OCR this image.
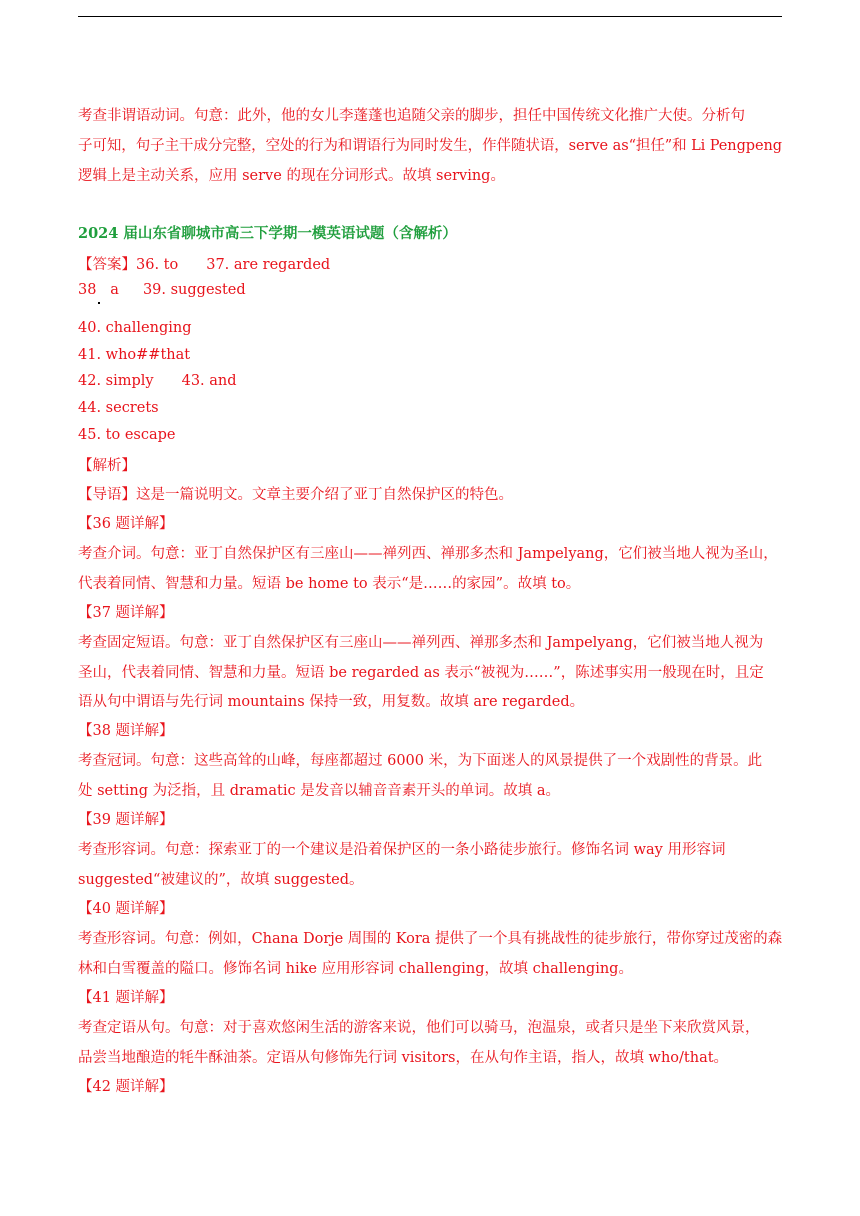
考查非谓语动词。句意：此外，他的女儿李蓬蓬也追随父亲的脚步，担任中国传统文化推广大使。分析句
子可知，句子主干成分完整，空处的行为和谓语行为同时发生，作伴随状语，serve as“担任”和 Li Pengpeng
逻辑上是主动关系，应用 serve 的现在分词形式。故填 serving。
2024 届山东省聊城市高三下学期一模英语试题（含解析）
【答案】36. to 37. are regarded
38   a 39. suggested
40. challenging
41. who##that
42. simply 43. and
44. secrets
45. to escape
【解析】
【导语】这是一篇说明文。文章主要介绍了亚丁自然保护区的特色。
【36 题详解】
考查介词。句意：亚丁自然保护区有三座山——禅列西、禅那多杰和 Jampelyang，它们被当地人视为圣山，
代表着同情、智慧和力量。短语 be home to 表示“是……的家园”。故填 to。
【37 题详解】
考查固定短语。句意：亚丁自然保护区有三座山——禅列西、禅那多杰和 Jampelyang，它们被当地人视为
圣山，代表着同情、智慧和力量。短语 be regarded as 表示“被视为……”，陈述事实用一般现在时，且定
语从句中谓语与先行词 mountains 保持一致，用复数。故填 are regarded。
【38 题详解】
考查冠词。句意：这些高耸的山峰，每座都超过 6000 米，为下面迷人的风景提供了一个戏剧性的背景。此
处 setting 为泛指，且 dramatic 是发音以辅音音素开头的单词。故填 a。
【39 题详解】
考查形容词。句意：探索亚丁的一个建议是沿着保护区的一条小路徒步旅行。修饰名词 way 用形容词
suggested“被建议的”，故填 suggested。
【40 题详解】
考查形容词。句意：例如，Chana Dorje 周围的 Kora 提供了一个具有挑战性的徒步旅行，带你穿过茂密的森
林和白雪覆盖的隘口。修饰名词 hike 应用形容词 challenging，故填 challenging。
【41 题详解】
考查定语从句。句意：对于喜欢悠闲生活的游客来说，他们可以骑马，泡温泉，或者只是坐下来欣赏风景，
品尝当地酿造的牦牛酥油茶。定语从句修饰先行词 visitors，在从句作主语，指人，故填 who/that。
【42 题详解】
